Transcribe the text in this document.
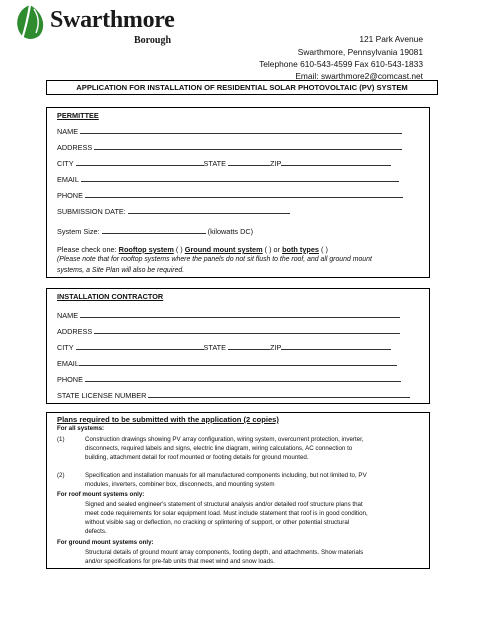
Swarthmore
Borough	121 Park Avenue
Swarthmore, Pennsylvania 19081
Telephone 610-543-4599 Fax 610-543-1833
Email: swarthmore2@comcast.net
APPLICATION FOR INSTALLATION OF RESIDENTIAL SOLAR PHOTOVOLTAIC (PV) SYSTEM
PERMITTEE
NAME
ADDRESS
CITY	STATE	ZIP
EMAIL
PHONE
SUBMISSION DATE:
System Size:	(kilowatts DC)
Please check one: Rooftop system ( ) Ground mount system ( ) or both types ( )
(Please note that for rooftop systems where the panels do not sit flush to the roof, and all ground mount
systems, a Site Plan will also be required.
INSTALLATION CONTRACTOR
NAME
ADDRESS
CITY	STATE	ZIP
EMAIL
PHONE
STATE LICENSE NUMBER
Plans required to be submitted with the application (2 copies)
For all systems:
(1)	Construction drawings showing PV array configuration, wiring system, overcurrent protection, inverter,
disconnects, required labels and signs, electric line diagram, wiring calculations, AC connection to
building, attachment detail for roof mounted or footing details for ground mounted.
(2)	Specification and installation manuals for all manufactured components including, but not limited to, PV
modules, inverters, combiner box, disconnects, and mounting system
For roof mount systems only:
Signed and sealed engineer's statement of structural analysis and/or detailed roof structure plans that
meet code requirements for solar equipment load. Must include statement that roof is in good condition,
without visible sag or deflection, no cracking or splintering of support, or other potential structural
defects.
For ground mount systems only:
Structural details of ground mount array components, footing depth, and attachments. Show materials
and/or specifications for pre-fab units that meet wind and snow loads.
